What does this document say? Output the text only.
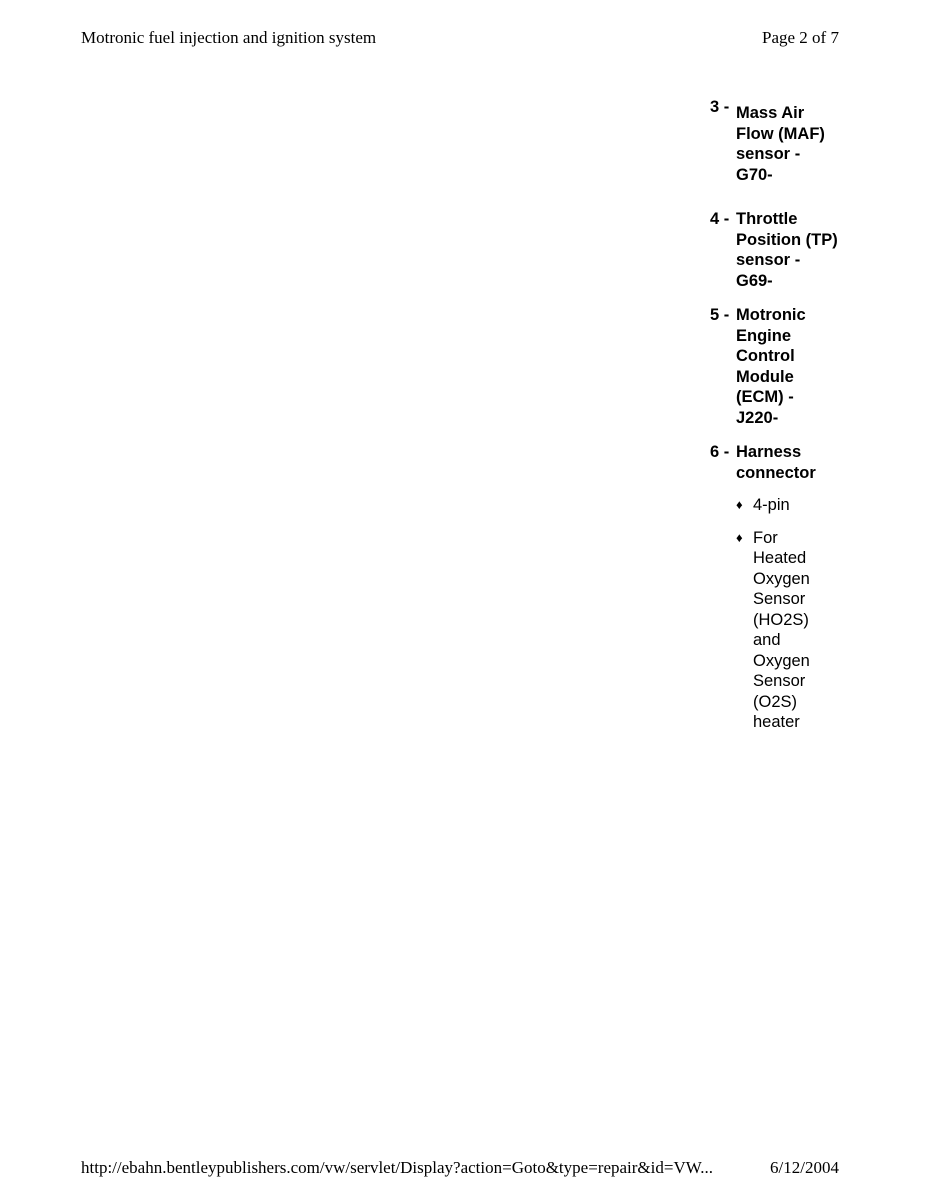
Motronic fuel injection and ignition system	Page 2 of 7
3 - Mass Air Flow (MAF) sensor - G70-
4 - Throttle Position (TP) sensor - G69-
5 - Motronic Engine Control Module (ECM) - J220-
6 - Harness connector
♦ 4-pin
♦ For Heated Oxygen Sensor (HO2S) and Oxygen Sensor (O2S) heater
http://ebahn.bentleypublishers.com/vw/servlet/Display?action=Goto&type=repair&id=VW...	6/12/2004
